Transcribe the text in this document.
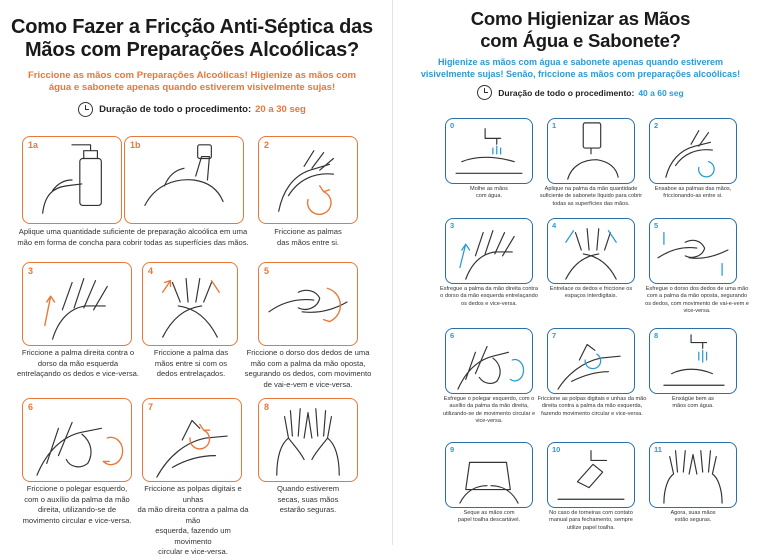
Como Fazer a Fricção Anti-Séptica das
Mãos com Preparações Alcoólicas?
Friccione as mãos com Preparações Alcoólicas! Higienize as mãos com
água e sabonete apenas quando estiverem visivelmente sujas!
Duração de todo o procedimento: 20 a 30 seg
1a	1b	2
Aplique uma quantidade suficiente de preparação alcoólica em uma
mão em forma de concha para cobrir todas as superfícies das mãos.
Friccione as palmas
das mãos entre si.
3	4	5
Friccione a palma direita contra o
dorso da mão esquerda
entrelaçando os dedos e vice-versa.
Friccione a palma das
mãos entre si com os
dedos entrelaçados.
Friccione o dorso dos dedos de uma
mão com a palma da mão oposta,
segurando os dedos, com movimento
de vai-e-vem e vice-versa.
6	7	8
Friccione o polegar esquerdo,
com o auxílio da palma da mão
direita, utilizando-se de
movimento circular e vice-versa.
Friccione as polpas digitais e unhas
da mão direita contra a palma da mão
esquerda, fazendo um movimento
circular e vice-versa.
Quando estiverem
secas, suas mãos
estarão seguras.
Como Higienizar as Mãos
com Água e Sabonete?
Higienize as mãos com água e sabonete apenas quando estiverem
visivelmente sujas! Senão, friccione as mãos com preparações alcoólicas!
Duração de todo o procedimento: 40 a 60 seg
0	1	2
Molhe as mãos
com água.
Aplique na palma da mão quantidade
suficiente de sabonete líquido para cobrir
todas as superfícies das mãos.
Ensaboe as palmas das mãos,
friccionando-as entre si.
3	4	5
Esfregue a palma da mão direita contra
o dorso da mão esquerda entrelaçando
os dedos e vice-versa.
Entrelace os dedos e friccione os
espaços interdigitais.
Esfregue o dorso dos dedos de uma mão
com a palma da mão oposta, segurando
os dedos, com movimento de vai-e-vem e
vice-versa.
6	7	8
Esfregue o polegar esquerdo, com o
auxílio da palma da mão direita,
utilizando-se de movimento circular e
vice-versa.
Friccione as polpas digitais e unhas da mão
direita contra a palma da mão esquerda,
fazendo movimento circular e vice-versa.
Enxágüe bem as
mãos com água.
9	10	11
Seque as mãos com
papel toalha descartável.
No caso de torneiras com contato
manual para fechamento, sempre
utilize papel toalha.
Agora, suas mãos
estão seguras.
